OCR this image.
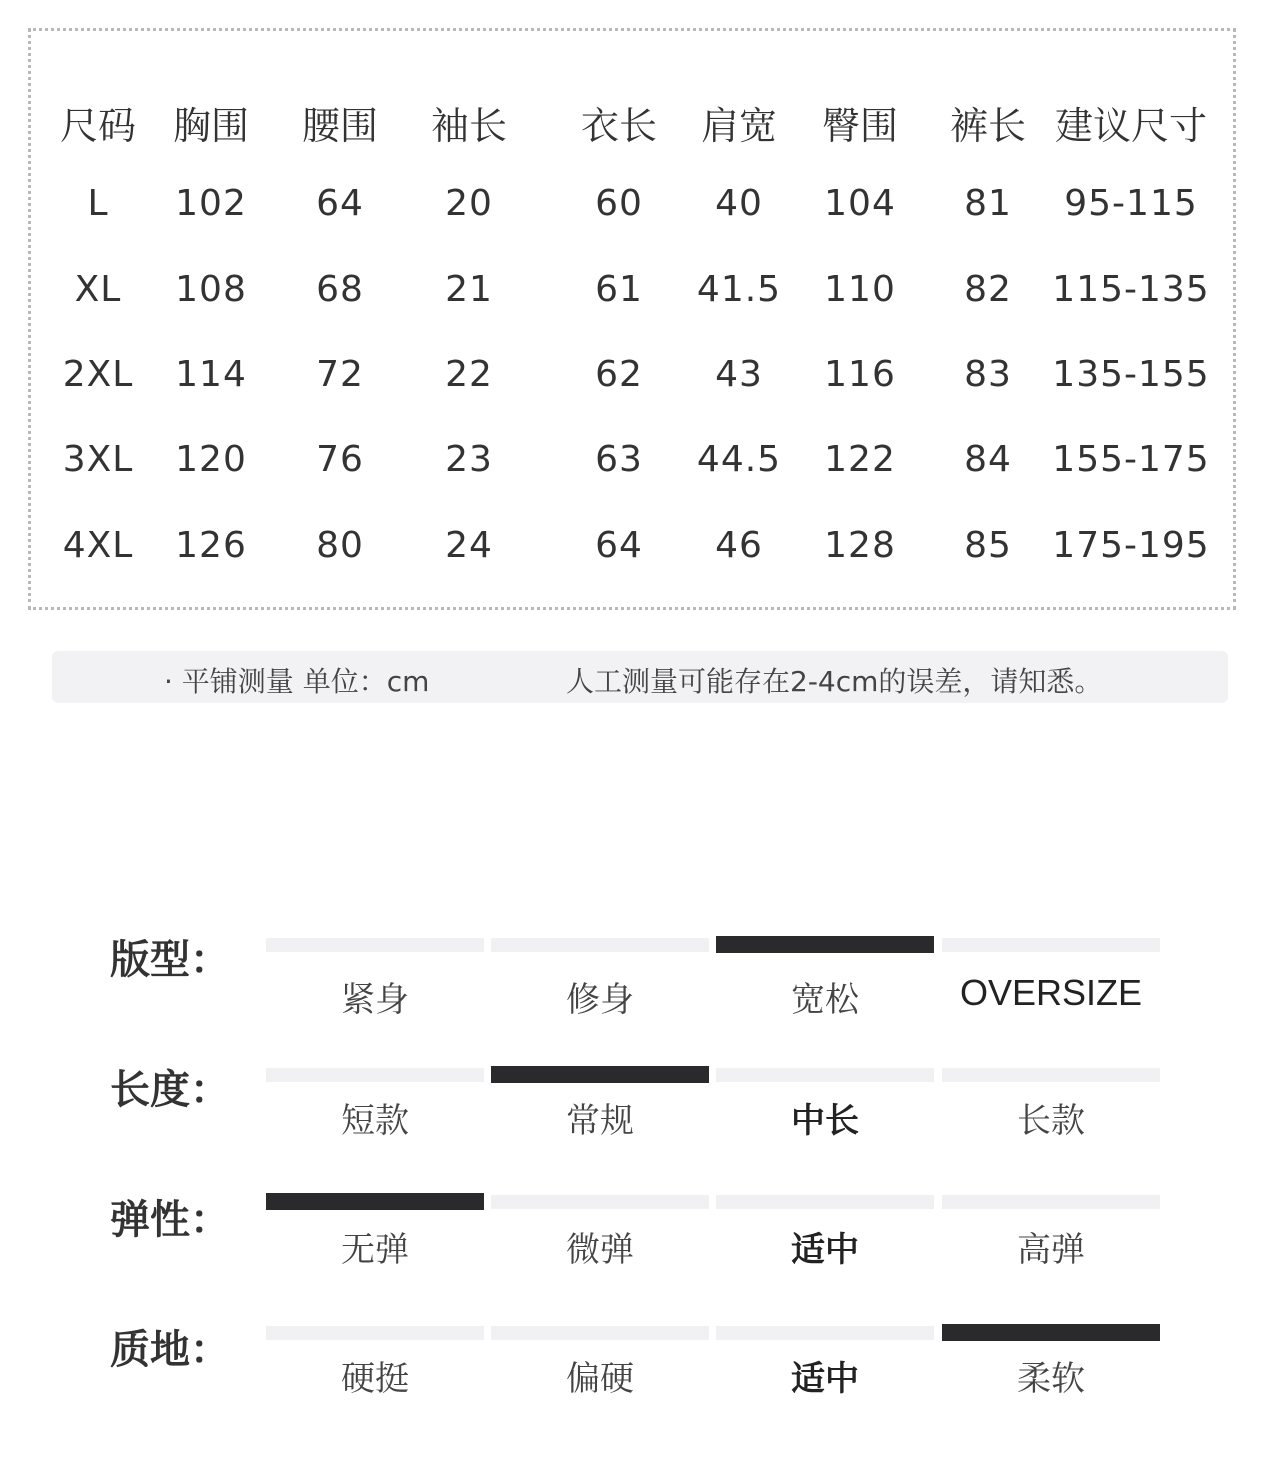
尺码 胸围 腰围 袖长 衣长 肩宽 臀围 裤长 建议尺寸
L 102 64 20	60 40 104 81 95-115
XL 108 68 21	61 41.5 110 82 115-135
2XL 114 72 22	62 43 116 83 135-155
3XL 120 76 23	63 44.5 122 84 155-175
4XL 126 80 24	64 46 128 85 175-195
· 平铺测量 单位：cm	人工测量可能存在2-4cm的误差，请知悉。
版型：
紧身	修身	宽松	OVERSIZE
长度：
短款	常规	中长	长款
弹性：
无弹	微弹	适中	高弹
质地：
硬挺	偏硬	适中	柔软
